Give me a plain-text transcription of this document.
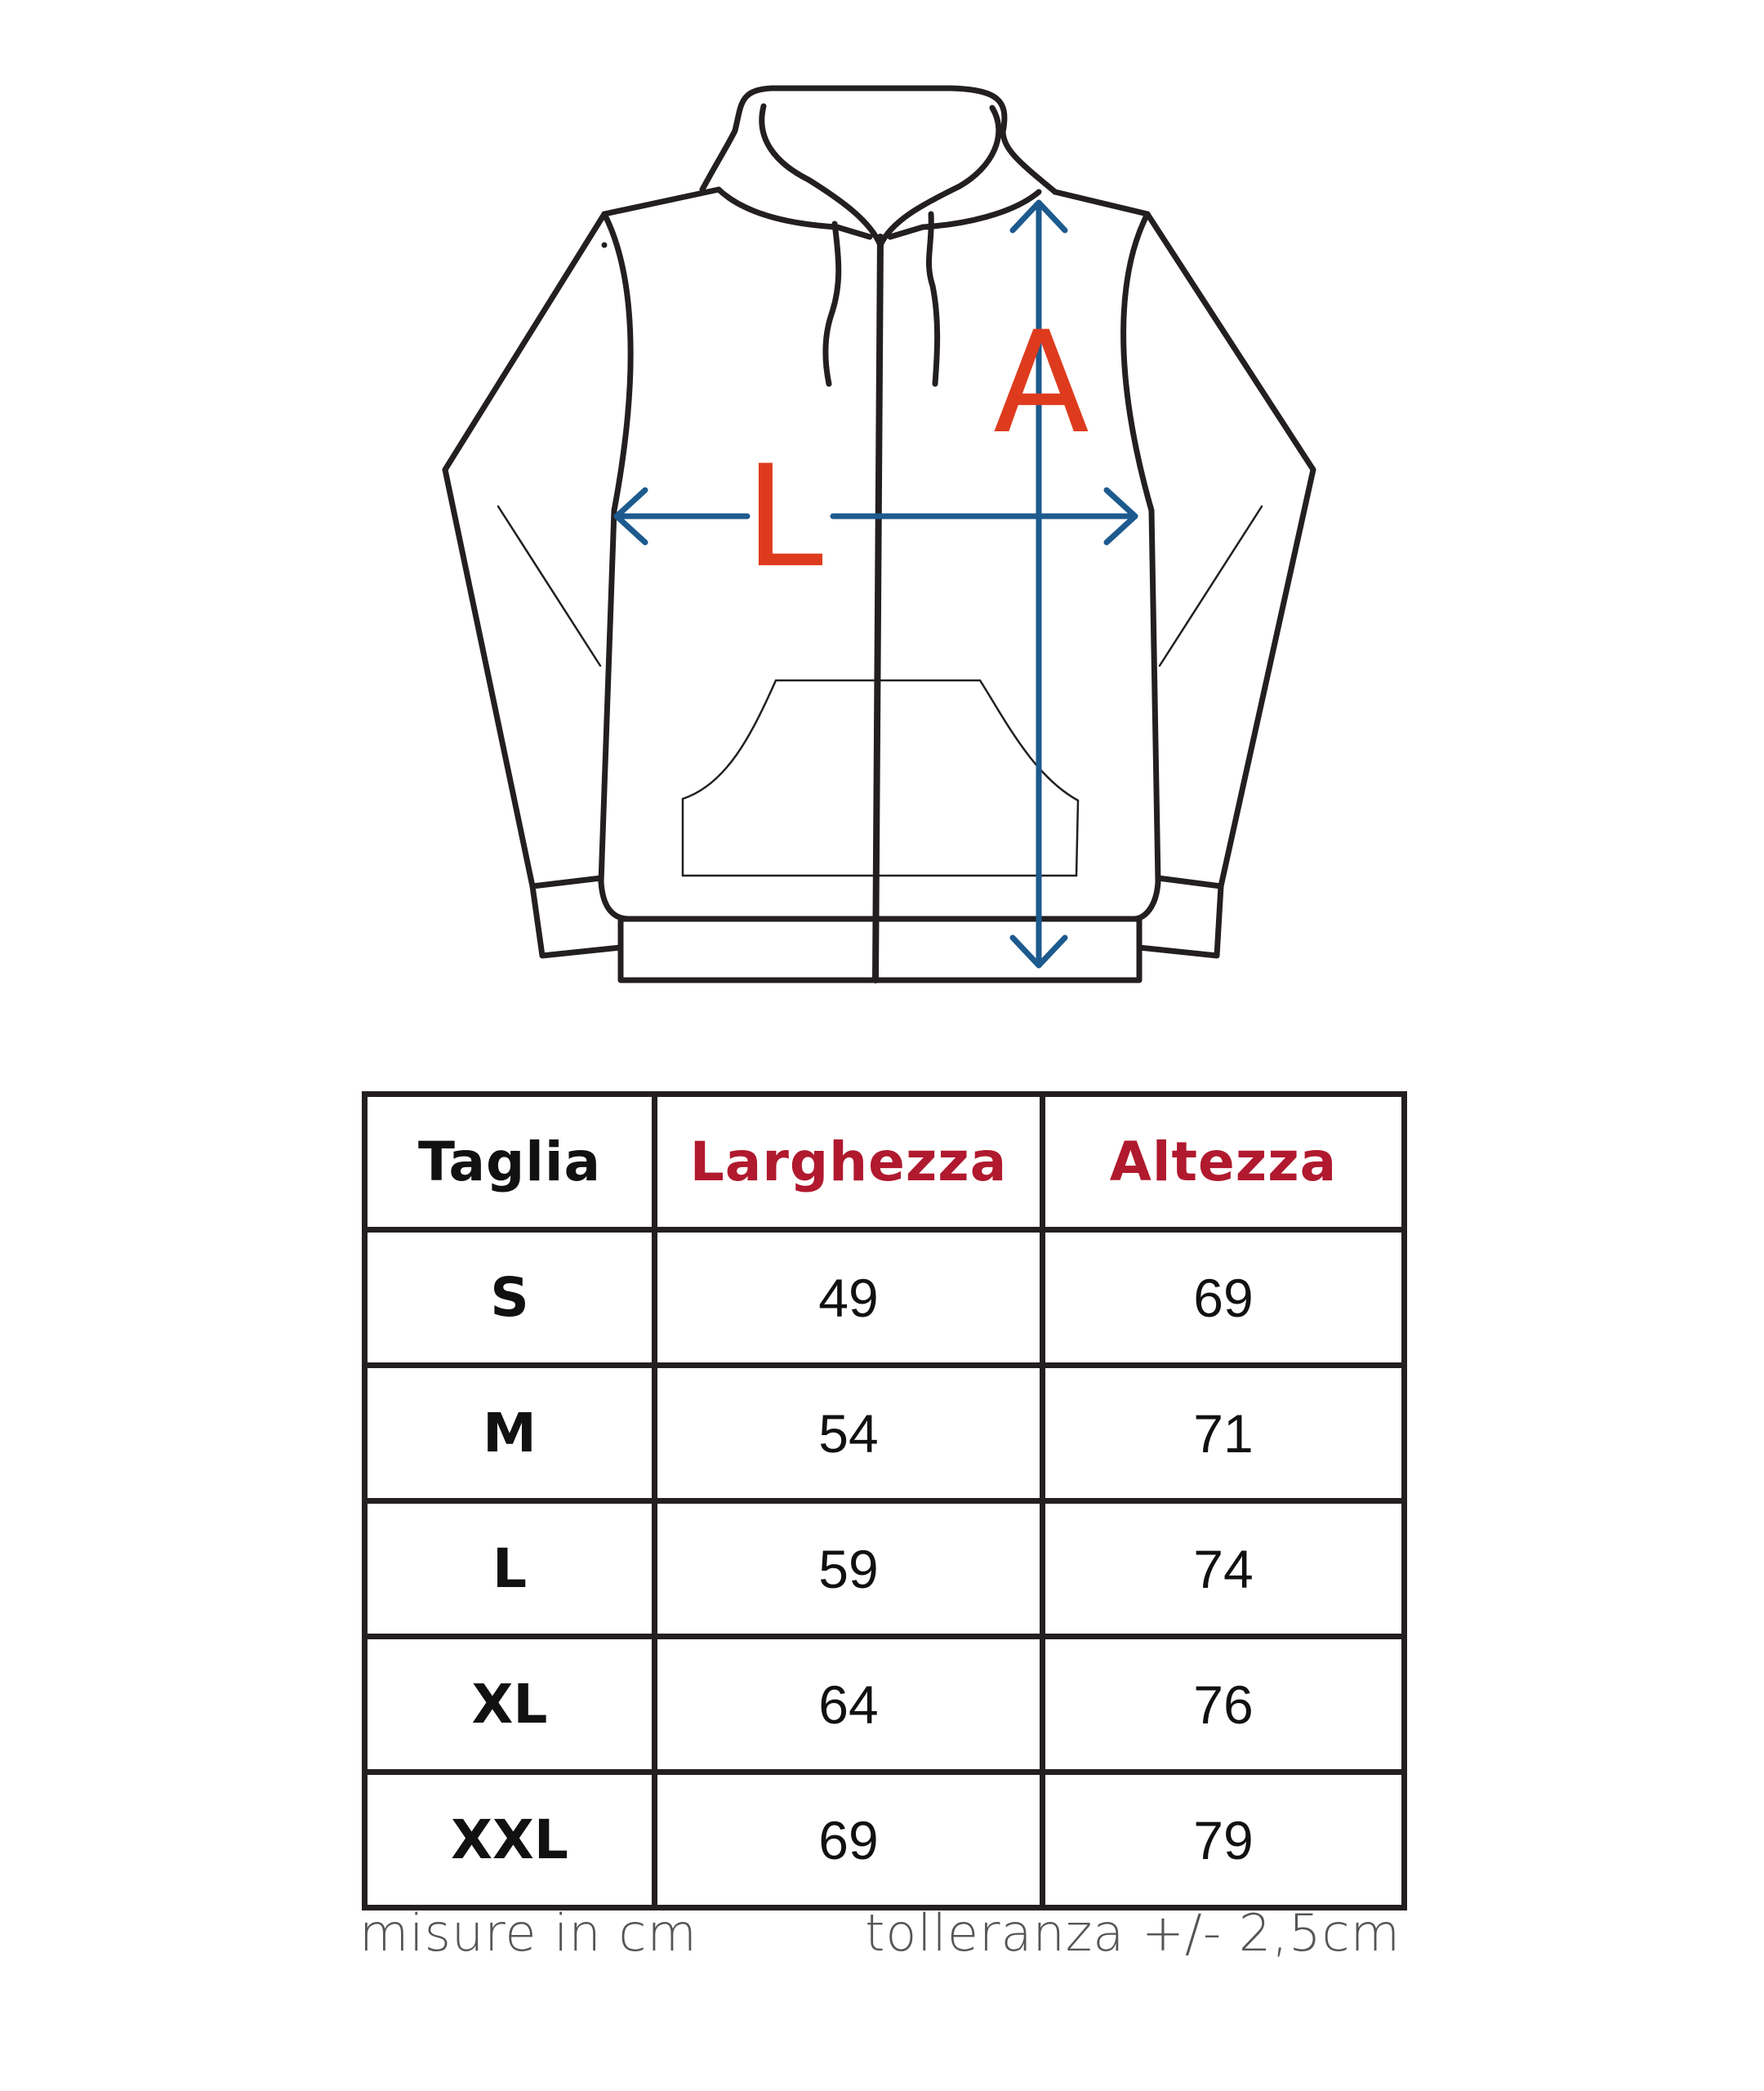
L
A
Taglia	Larghezza	Altezza
S	49	69
M	54	71
L	59	74
XL	64	76
XXL	69	79
misure in cm	tolleranza +/- 2,5cm
